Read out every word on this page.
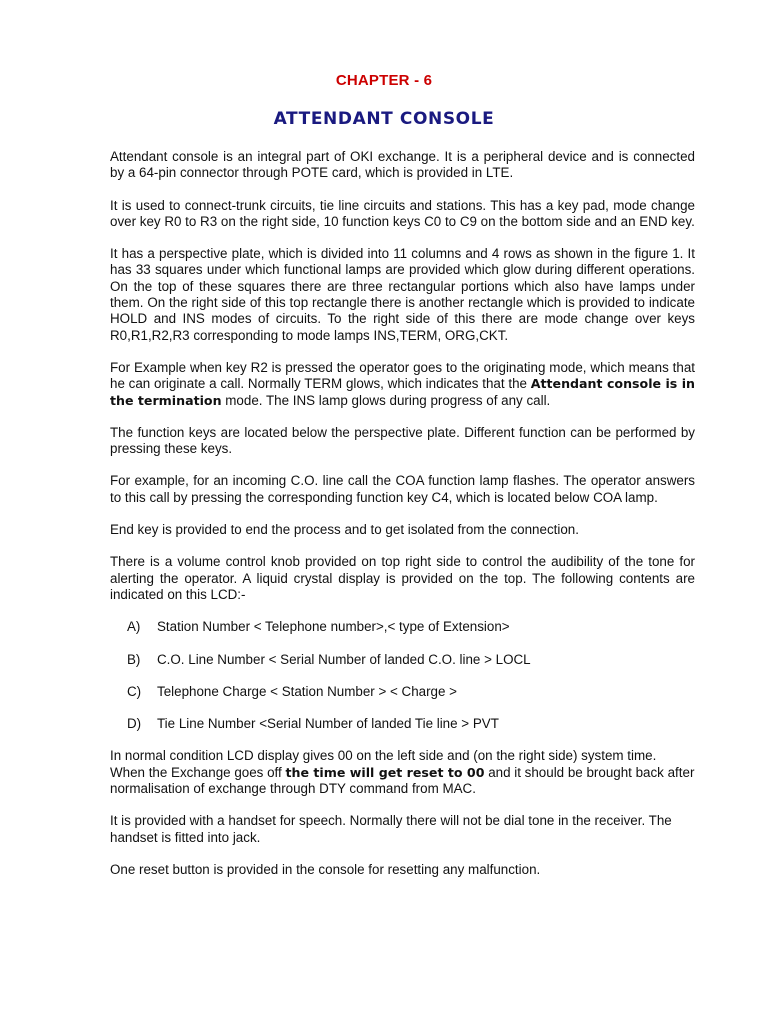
CHAPTER - 6
ATTENDANT CONSOLE

Attendant console is an integral part of OKI exchange. It is a peripheral device and is connected by a 64-pin connector through POTE card, which is provided in LTE.

It is used to connect-trunk circuits, tie line circuits and stations. This has a key pad, mode change over key R0 to R3 on the right side, 10 function keys C0 to C9 on the bottom side and an END key.

It has a perspective plate, which is divided into 11 columns and 4 rows as shown in the figure 1. It has 33 squares under which functional lamps are provided which glow during different operations. On the top of these squares there are three rectangular portions which also have lamps under them. On the right side of this top rectangle there is another rectangle which is provided to indicate HOLD and INS modes of circuits. To the right side of this there are mode change over keys R0,R1,R2,R3 corresponding to mode lamps INS,TERM, ORG,CKT.

For Example when key R2 is pressed the operator goes to the originating mode, which means that he can originate a call. Normally TERM glows, which indicates that the Attendant console is in the termination mode. The INS lamp glows during progress of any call.

The function keys are located below the perspective plate. Different function can be performed by pressing these keys.

For example, for an incoming C.O. line call the COA function lamp flashes. The operator answers to this call by pressing the corresponding function key C4, which is located below COA lamp.

End key is provided to end the process and to get isolated from the connection.

There is a volume control knob provided on top right side to control the audibility of the tone for alerting the operator. A liquid crystal display is provided on the top. The following contents are indicated on this LCD:-

A)	Station Number < Telephone number>,< type of Extension>
B)	C.O. Line Number < Serial Number of landed C.O. line > LOCL
C)	Telephone Charge < Station Number > < Charge >
D)	Tie Line Number <Serial Number of landed Tie line > PVT

In normal condition LCD display gives 00 on the left side and (on the right side) system time. When the Exchange goes off the time will get reset to 00 and it should be brought back after normalisation of exchange through DTY command from MAC.

It is provided with a handset for speech. Normally there will not be dial tone in the receiver. The handset is fitted into jack.

One reset button is provided in the console for resetting any malfunction.
